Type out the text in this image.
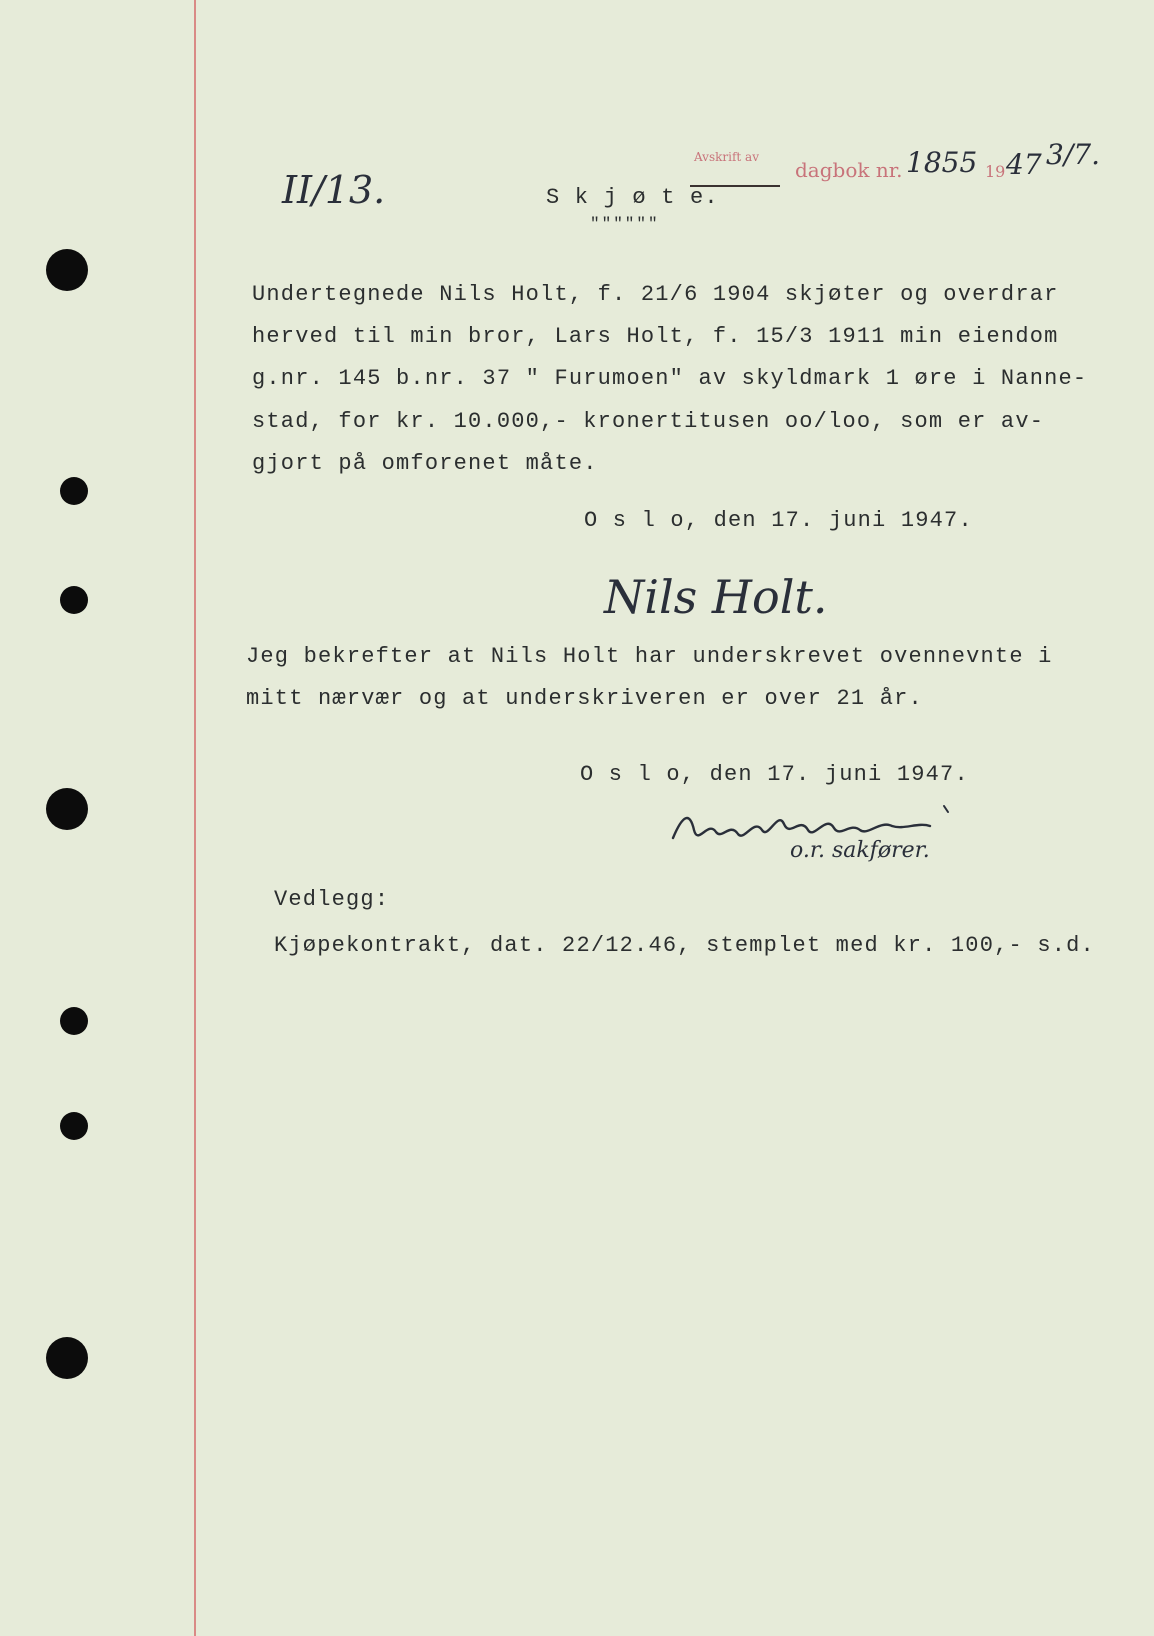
Avskrift av
dagbok nr. 1855 19 47 3/7.
II/13.	S k j ø t e.
""""""
Undertegnede Nils Holt, f. 21/6 1904 skjøter og overdrar
herved til min bror, Lars Holt, f. 15/3 1911 min eiendom
g.nr. 145 b.nr. 37 " Furumoen" av skyldmark 1 øre i Nanne-
stad, for kr. 10.000,- kronertitusen oo/loo, som er av-
gjort på omforenet måte.
O s l o, den 17. juni 1947.
Nils Holt.
Jeg bekrefter at Nils Holt har underskrevet ovennevnte i
mitt nærvær og at underskriveren er over 21 år.
O s l o, den 17. juni 1947.
o.r. sakfører.
Vedlegg:
Kjøpekontrakt, dat. 22/12.46, stemplet med kr. 100,- s.d.
